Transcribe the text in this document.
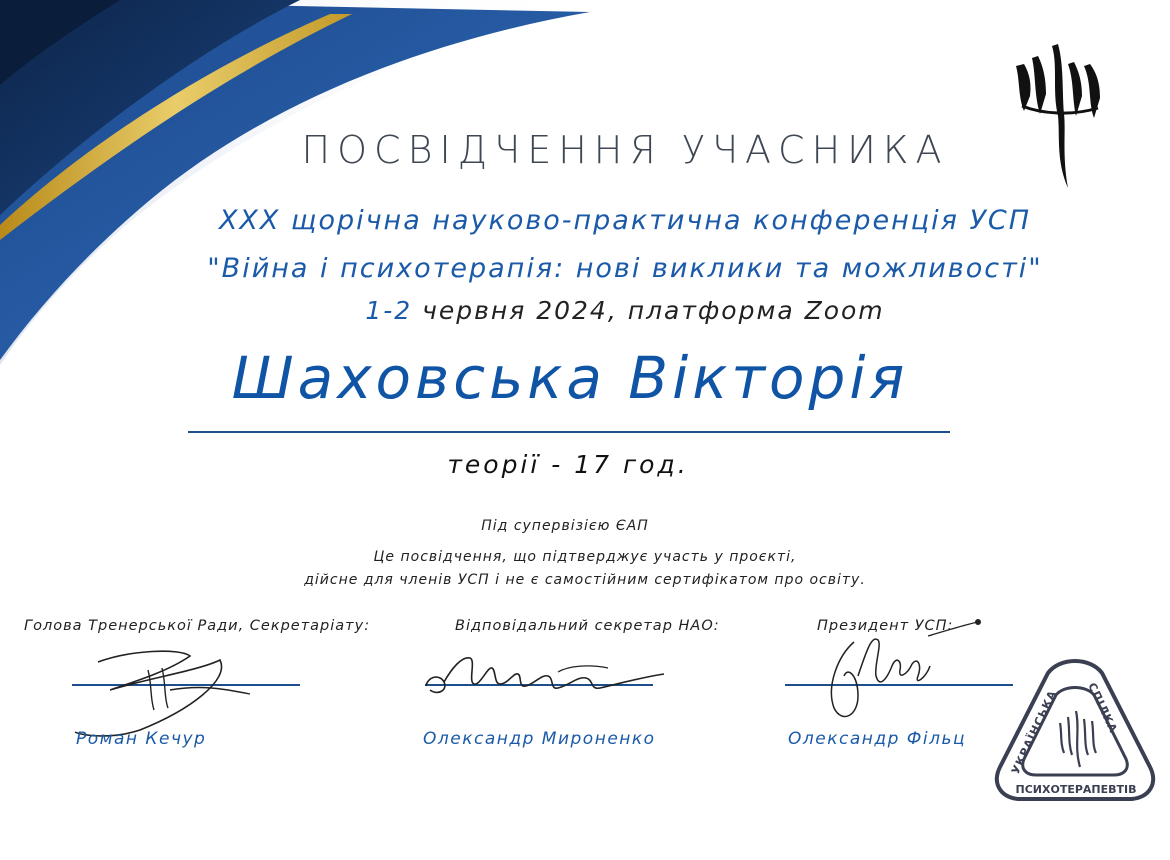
ПОСВІДЧЕННЯ УЧАСНИКА
XXX щорічна науково-практична конференція УСП
"Війна і психотерапія: нові виклики та можливості"
1-2 червня 2024, платформа Zoom
Шаховська Вікторія
теорії - 17 год.
Під супервізією ЄАП
Це посвідчення, що підтверджує участь у проєкті,
дійсне для членів УСП і не є самостійним сертифікатом про освіту.
Голова Тренерської Ради, Секретаріату:	Відповідальний секретар НАО:	Президент УСП:
Роман Кечур	Олександр Мироненко	Олександр Фільц
УКРАЇНСЬКА
СПІЛКА
ПСИХОТЕРАПЕВТІВ
